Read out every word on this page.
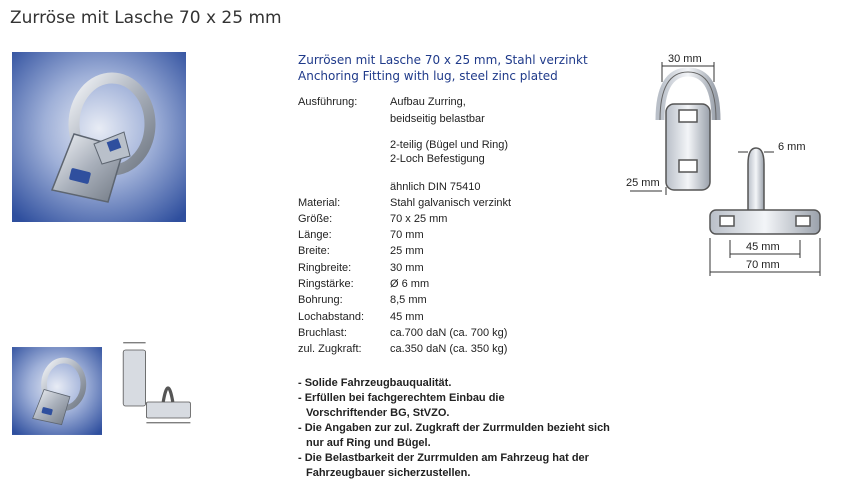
Zurröse mit Lasche 70 x 25 mm
Zurrösen mit Lasche 70 x 25 mm, Stahl verzinkt
Anchoring Fitting with lug, steel zinc plated
Ausführung:	Aufbau Zurring,
beidseitig belastbar
2-teilig (Bügel und Ring)
2-Loch Befestigung
ähnlich DIN 75410
Material:	Stahl galvanisch verzinkt
Größe:	70 x 25 mm
Länge:	70 mm
Breite:	25 mm
Ringbreite:	30 mm
Ringstärke:	Ø 6 mm
Bohrung:	8,5 mm
Lochabstand: 45 mm
Bruchlast:	ca.700 daN (ca. 700 kg)
zul. Zugkraft:	ca.350 daN (ca. 350 kg)
- Solide Fahrzeugbauqualität.
- Erfüllen bei fachgerechtem Einbau die
Vorschriftender BG, StVZO.
- Die Angaben zur zul. Zugkraft der Zurrmulden bezieht sich
nur auf Ring und Bügel.
- Die Belastbarkeit der Zurrmulden am Fahrzeug hat der
Fahrzeugbauer sicherzustellen.
30 mm
6 mm
25 mm
45 mm
70 mm
